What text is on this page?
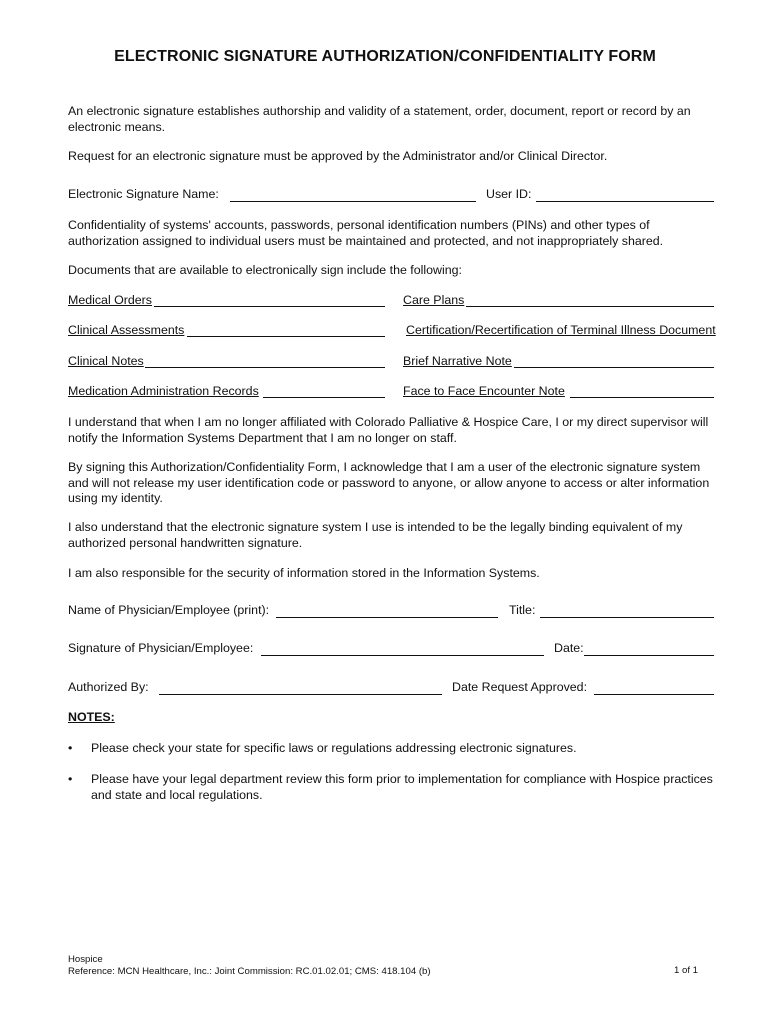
ELECTRONIC SIGNATURE AUTHORIZATION/CONFIDENTIALITY FORM
An electronic signature establishes authorship and validity of a statement, order, document, report or record by an electronic means.
Request for an electronic signature must be approved by the Administrator and/or Clinical Director.
Electronic Signature Name:	User ID:
Confidentiality of systems' accounts, passwords, personal identification numbers (PINs) and other types of authorization assigned to individual users must be maintained and protected, and not inappropriately shared.
Documents that are available to electronically sign include the following:
Medical Orders	Care Plans
Clinical Assessments	Certification/Recertification of Terminal Illness Document
Clinical Notes	Brief Narrative Note
Medication Administration Records	Face to Face Encounter Note
I understand that when I am no longer affiliated with Colorado Palliative & Hospice Care, I or my direct supervisor will notify the Information Systems Department that I am no longer on staff.
By signing this Authorization/Confidentiality Form, I acknowledge that I am a user of the electronic signature system and will not release my user identification code or password to anyone, or allow anyone to access or alter information using my identity.
I also understand that the electronic signature system I use is intended to be the legally binding equivalent of my authorized personal handwritten signature.
I am also responsible for the security of information stored in the Information Systems.
Name of Physician/Employee (print):	Title:
Signature of Physician/Employee:	Date:
Authorized By:	Date Request Approved:
NOTES:
• Please check your state for specific laws or regulations addressing electronic signatures.
• Please have your legal department review this form prior to implementation for compliance with Hospice practices and state and local regulations.
Hospice
Reference: MCN Healthcare, Inc.: Joint Commission: RC.01.02.01; CMS: 418.104 (b)	1 of 1
